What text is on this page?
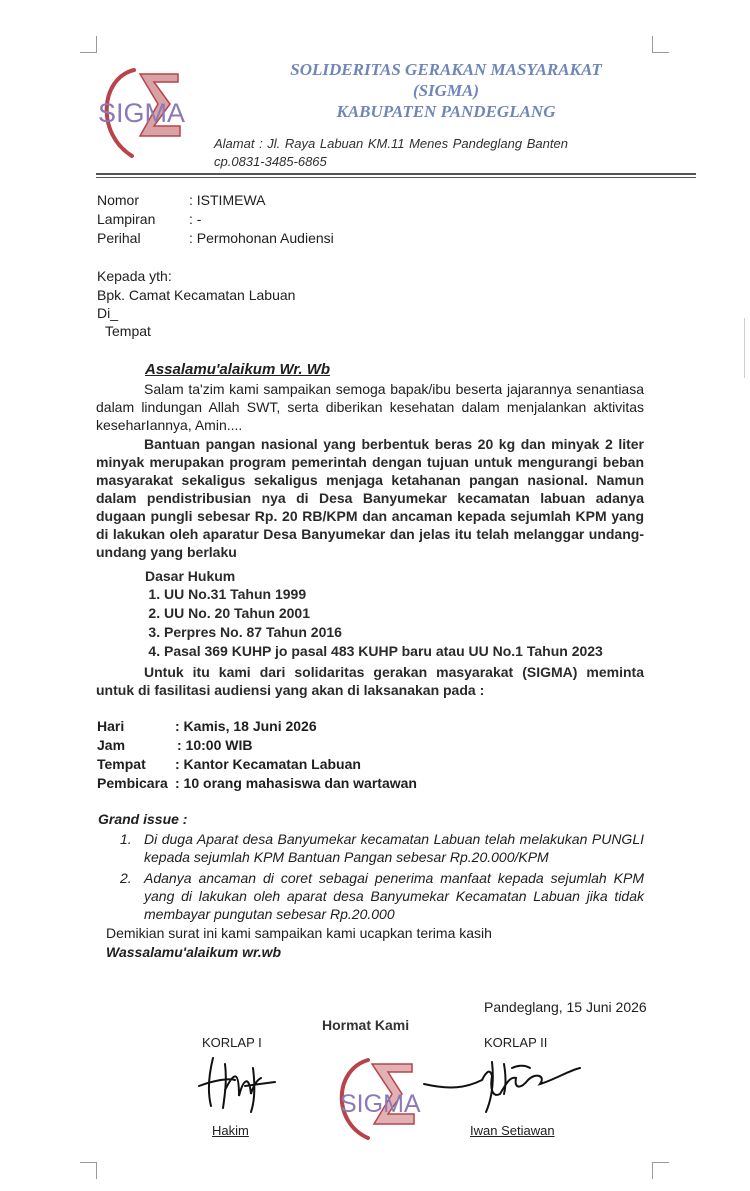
SIGMA
SOLIDERITAS GERAKAN MASYARAKAT
(SIGMA)
KABUPATEN PANDEGLANG
Alamat : Jl. Raya Labuan KM.11 Menes Pandeglang Banten
cp.0831-3485-6865
Nomor	: ISTIMEWA
Lampiran : -
Perihal	: Permohonan Audiensi
Kepada yth:
Bpk. Camat Kecamatan Labuan
Di_
Tempat
Assalamu'alaikum Wr. Wb
Salam ta'zim kami sampaikan semoga bapak/ibu beserta jajarannya senantiasa dalam lindungan Allah SWT, serta diberikan kesehatan dalam menjalankan aktivitas keseharIannya, Amin....
Bantuan pangan nasional yang berbentuk beras 20 kg dan minyak 2 liter minyak merupakan program pemerintah dengan tujuan untuk mengurangi beban masyarakat sekaligus sekaligus menjaga ketahanan pangan nasional. Namun dalam pendistribusian nya di Desa Banyumekar kecamatan labuan adanya dugaan pungli sebesar Rp. 20 RB/KPM dan ancaman kepada sejumlah KPM yang di lakukan oleh aparatur Desa Banyumekar dan jelas itu telah melanggar undang-undang yang berlaku
Dasar Hukum
1. UU No.31 Tahun 1999
2. UU No. 20 Tahun 2001
3. Perpres No. 87 Tahun 2016
4. Pasal 369 KUHP jo pasal 483 KUHP baru atau UU No.1 Tahun 2023
Untuk itu kami dari solidaritas gerakan masyarakat (SIGMA) meminta untuk di fasilitasi audiensi yang akan di laksanakan pada :
Hari	: Kamis, 18 Juni 2026
Jam	: 10:00 WIB
Tempat : Kantor Kecamatan Labuan
Pembicara : 10 orang mahasiswa dan wartawan
Grand issue :
1. Di duga Aparat desa Banyumekar kecamatan Labuan telah melakukan PUNGLI kepada sejumlah KPM Bantuan Pangan sebesar Rp.20.000/KPM
2. Adanya ancaman di coret sebagai penerima manfaat kepada sejumlah KPM yang di lakukan oleh aparat desa Banyumekar Kecamatan Labuan jika tidak membayar pungutan sebesar Rp.20.000
Demikian surat ini kami sampaikan kami ucapkan terima kasih
Wassalamu'alaikum wr.wb
Pandeglang, 15 Juni 2026
Hormat Kami
KORLAP I	KORLAP II
SIGMA
Hakim	Iwan Setiawan
